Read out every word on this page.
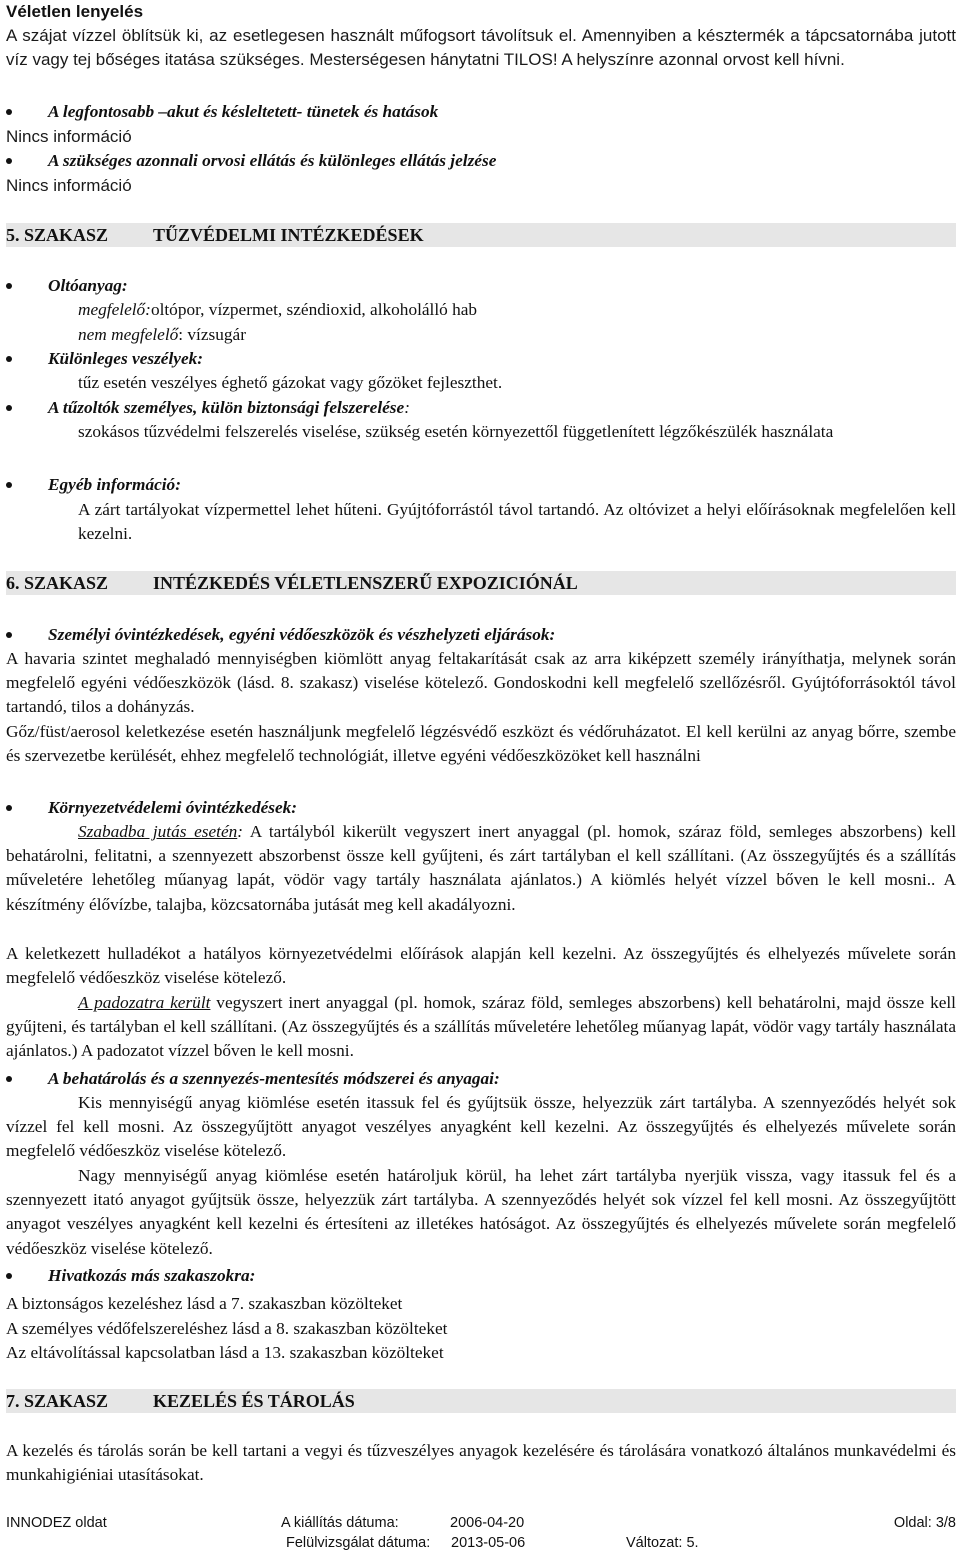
Véletlen lenyelés
A szájat vízzel öblítsük ki, az esetlegesen használt műfogsort távolítsuk el. Amennyiben a késztermék a tápcsatornába jutott víz vagy tej bőséges itatása szükséges. Mesterségesen hánytatni TILOS! A helyszínre azonnal orvost kell hívni.
A legfontosabb –akut és késleltetett- tünetek és hatások
Nincs információ
A szükséges azonnali orvosi ellátás és különleges ellátás jelzése
Nincs információ
5. SZAKASZ TŰZVÉDELMI INTÉZKEDÉSEK
Oltóanyag:
megfelelő:oltópor, vízpermet, széndioxid, alkoholálló hab
nem megfelelő: vízsugár
Különleges veszélyek:
tűz esetén veszélyes éghető gázokat vagy gőzöket fejleszthet.
A tűzoltók személyes, külön biztonsági felszerelése:
szokásos tűzvédelmi felszerelés viselése, szükség esetén környezettől függetlenített légzőkészülék használata
Egyéb információ:
A zárt tartályokat vízpermettel lehet hűteni. Gyújtóforrástól távol tartandó. Az oltóvizet a helyi előírásoknak megfelelően kell kezelni.
6. SZAKASZ INTÉZKEDÉS VÉLETLENSZERŰ EXPOZICIÓNÁL
Személyi óvintézkedések, egyéni védőeszközök és vészhelyzeti eljárások:
A havaria szintet meghaladó mennyiségben kiömlött anyag feltakarítását csak az arra kiképzett személy irányíthatja, melynek során megfelelő egyéni védőeszközök (lásd. 8. szakasz) viselése kötelező. Gondoskodni kell megfelelő szellőzésről. Gyújtóforrásoktól távol tartandó, tilos a dohányzás.
Gőz/füst/aerosol keletkezése esetén használjunk megfelelő légzésvédő eszközt és védőruházatot. El kell kerülni az anyag bőrre, szembe és szervezetbe kerülését, ehhez megfelelő technológiát, illetve egyéni védőeszközöket kell használni
Környezetvédelemi óvintézkedések:
Szabadba jutás esetén: A tartályból kikerült vegyszert inert anyaggal (pl. homok, száraz föld, semleges abszorbens) kell behatárolni, felitatni, a szennyezett abszorbenst össze kell gyűjteni, és zárt tartályban el kell szállítani. (Az összegyűjtés és a szállítás műveletére lehetőleg műanyag lapát, vödör vagy tartály használata ajánlatos.) A kiömlés helyét vízzel bőven le kell mosni.. A készítmény élővízbe, talajba, közcsatornába jutását meg kell akadályozni.
A keletkezett hulladékot a hatályos környezetvédelmi előírások alapján kell kezelni. Az összegyűjtés és elhelyezés művelete során megfelelő védőeszköz viselése kötelező.
A padozatra került vegyszert inert anyaggal (pl. homok, száraz föld, semleges abszorbens) kell behatárolni, majd össze kell gyűjteni, és tartályban el kell szállítani. (Az összegyűjtés és a szállítás műveletére lehetőleg műanyag lapát, vödör vagy tartály használata ajánlatos.) A padozatot vízzel bőven le kell mosni.
A behatárolás és a szennyezés-mentesítés módszerei és anyagai:
Kis mennyiségű anyag kiömlése esetén itassuk fel és gyűjtsük össze, helyezzük zárt tartályba. A szennyeződés helyét sok vízzel fel kell mosni. Az összegyűjtött anyagot veszélyes anyagként kell kezelni. Az összegyűjtés és elhelyezés művelete során megfelelő védőeszköz viselése kötelező.
Nagy mennyiségű anyag kiömlése esetén határoljuk körül, ha lehet zárt tartályba nyerjük vissza, vagy itassuk fel és a szennyezett itató anyagot gyűjtsük össze, helyezzük zárt tartályba. A szennyeződés helyét sok vízzel fel kell mosni. Az összegyűjtött anyagot veszélyes anyagként kell kezelni és értesíteni az illetékes hatóságot. Az összegyűjtés és elhelyezés művelete során megfelelő védőeszköz viselése kötelező.
Hivatkozás más szakaszokra:
A biztonságos kezeléshez lásd a 7. szakaszban közölteket
A személyes védőfelszereléshez lásd a 8. szakaszban közölteket
Az eltávolítással kapcsolatban lásd a 13. szakaszban közölteket
7. SZAKASZ KEZELÉS ÉS TÁROLÁS
A kezelés és tárolás során be kell tartani a vegyi és tűzveszélyes anyagok kezelésére és tárolására vonatkozó általános munkavédelmi és munkahigiéniai utasításokat.
INNODEZ oldat	A kiállítás dátuma:	2006-04-20	Oldal: 3/8
Felülvizsgálat dátuma: 2013-05-06	Változat: 5.
